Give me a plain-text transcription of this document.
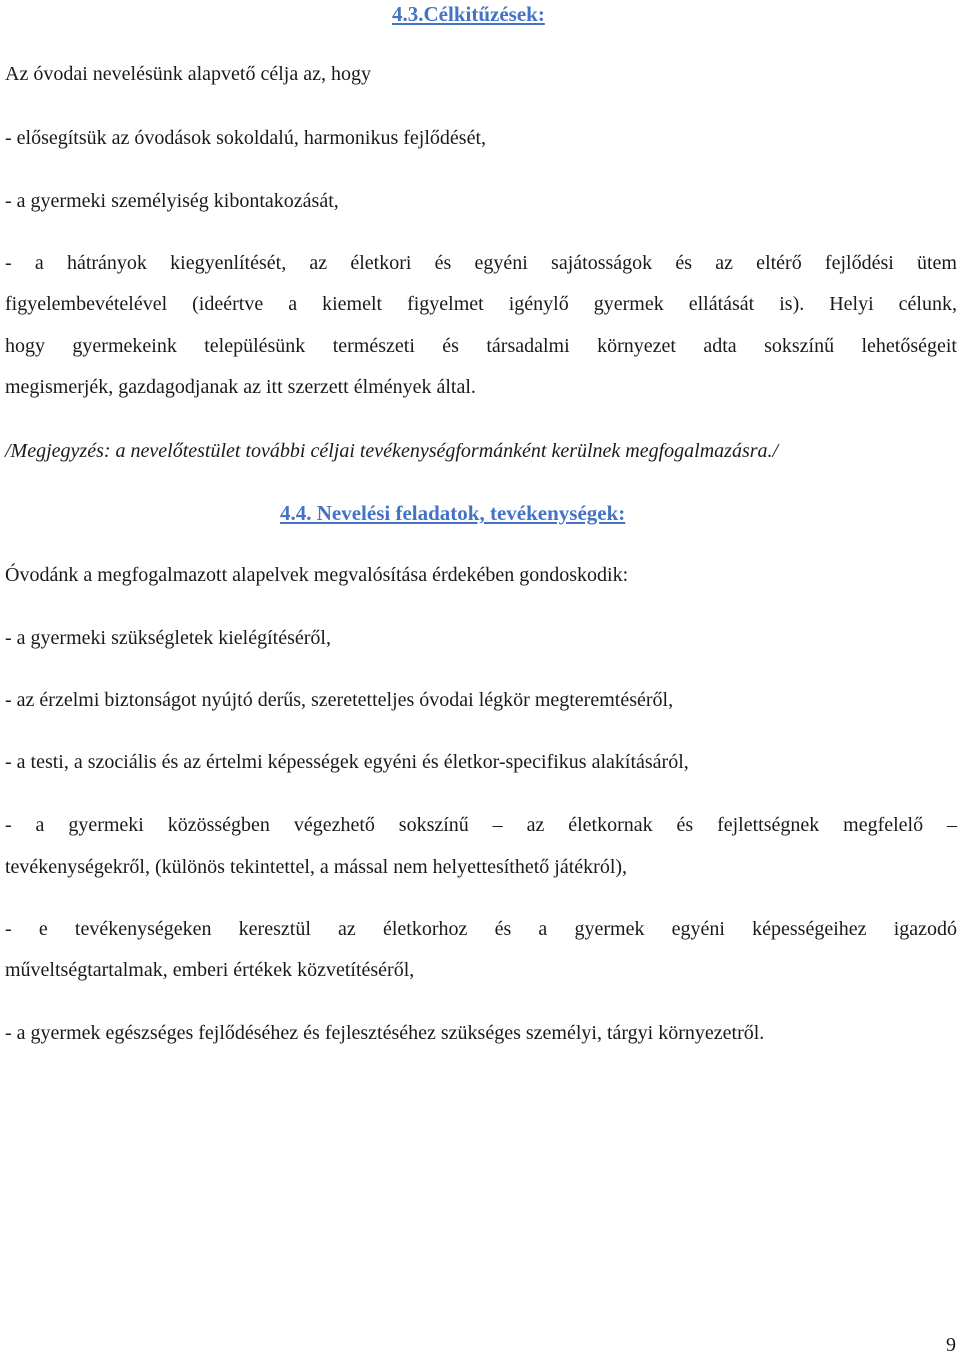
4.3.Célkitűzések:
Az óvodai nevelésünk alapvető célja az, hogy
- elősegítsük az óvodások sokoldalú, harmonikus fejlődését,
- a gyermeki személyiség kibontakozását,
- a hátrányok kiegyenlítését, az életkori és egyéni sajátosságok és az eltérő fejlődési ütem
figyelembevételével (ideértve a kiemelt figyelmet igénylő gyermek ellátását is). Helyi célunk,
hogy gyermekeink településünk természeti és társadalmi környezet adta sokszínű lehetőségeit
megismerjék, gazdagodjanak az itt szerzett élmények által.
/Megjegyzés: a nevelőtestület további céljai tevékenységformánként kerülnek megfogalmazásra./
4.4. Nevelési feladatok, tevékenységek:
Óvodánk a megfogalmazott alapelvek megvalósítása érdekében gondoskodik:
- a gyermeki szükségletek kielégítéséről,
- az érzelmi biztonságot nyújtó derűs, szeretetteljes óvodai légkör megteremtéséről,
- a testi, a szociális és az értelmi képességek egyéni és életkor-specifikus alakításáról,
- a gyermeki közösségben végezhető sokszínű – az életkornak és fejlettségnek megfelelő –
tevékenységekről, (különös tekintettel, a mással nem helyettesíthető játékról),
- e tevékenységeken keresztül az életkorhoz és a gyermek egyéni képességeihez igazodó
műveltségtartalmak, emberi értékek közvetítéséről,
- a gyermek egészséges fejlődéséhez és fejlesztéséhez szükséges személyi, tárgyi környezetről.
9
